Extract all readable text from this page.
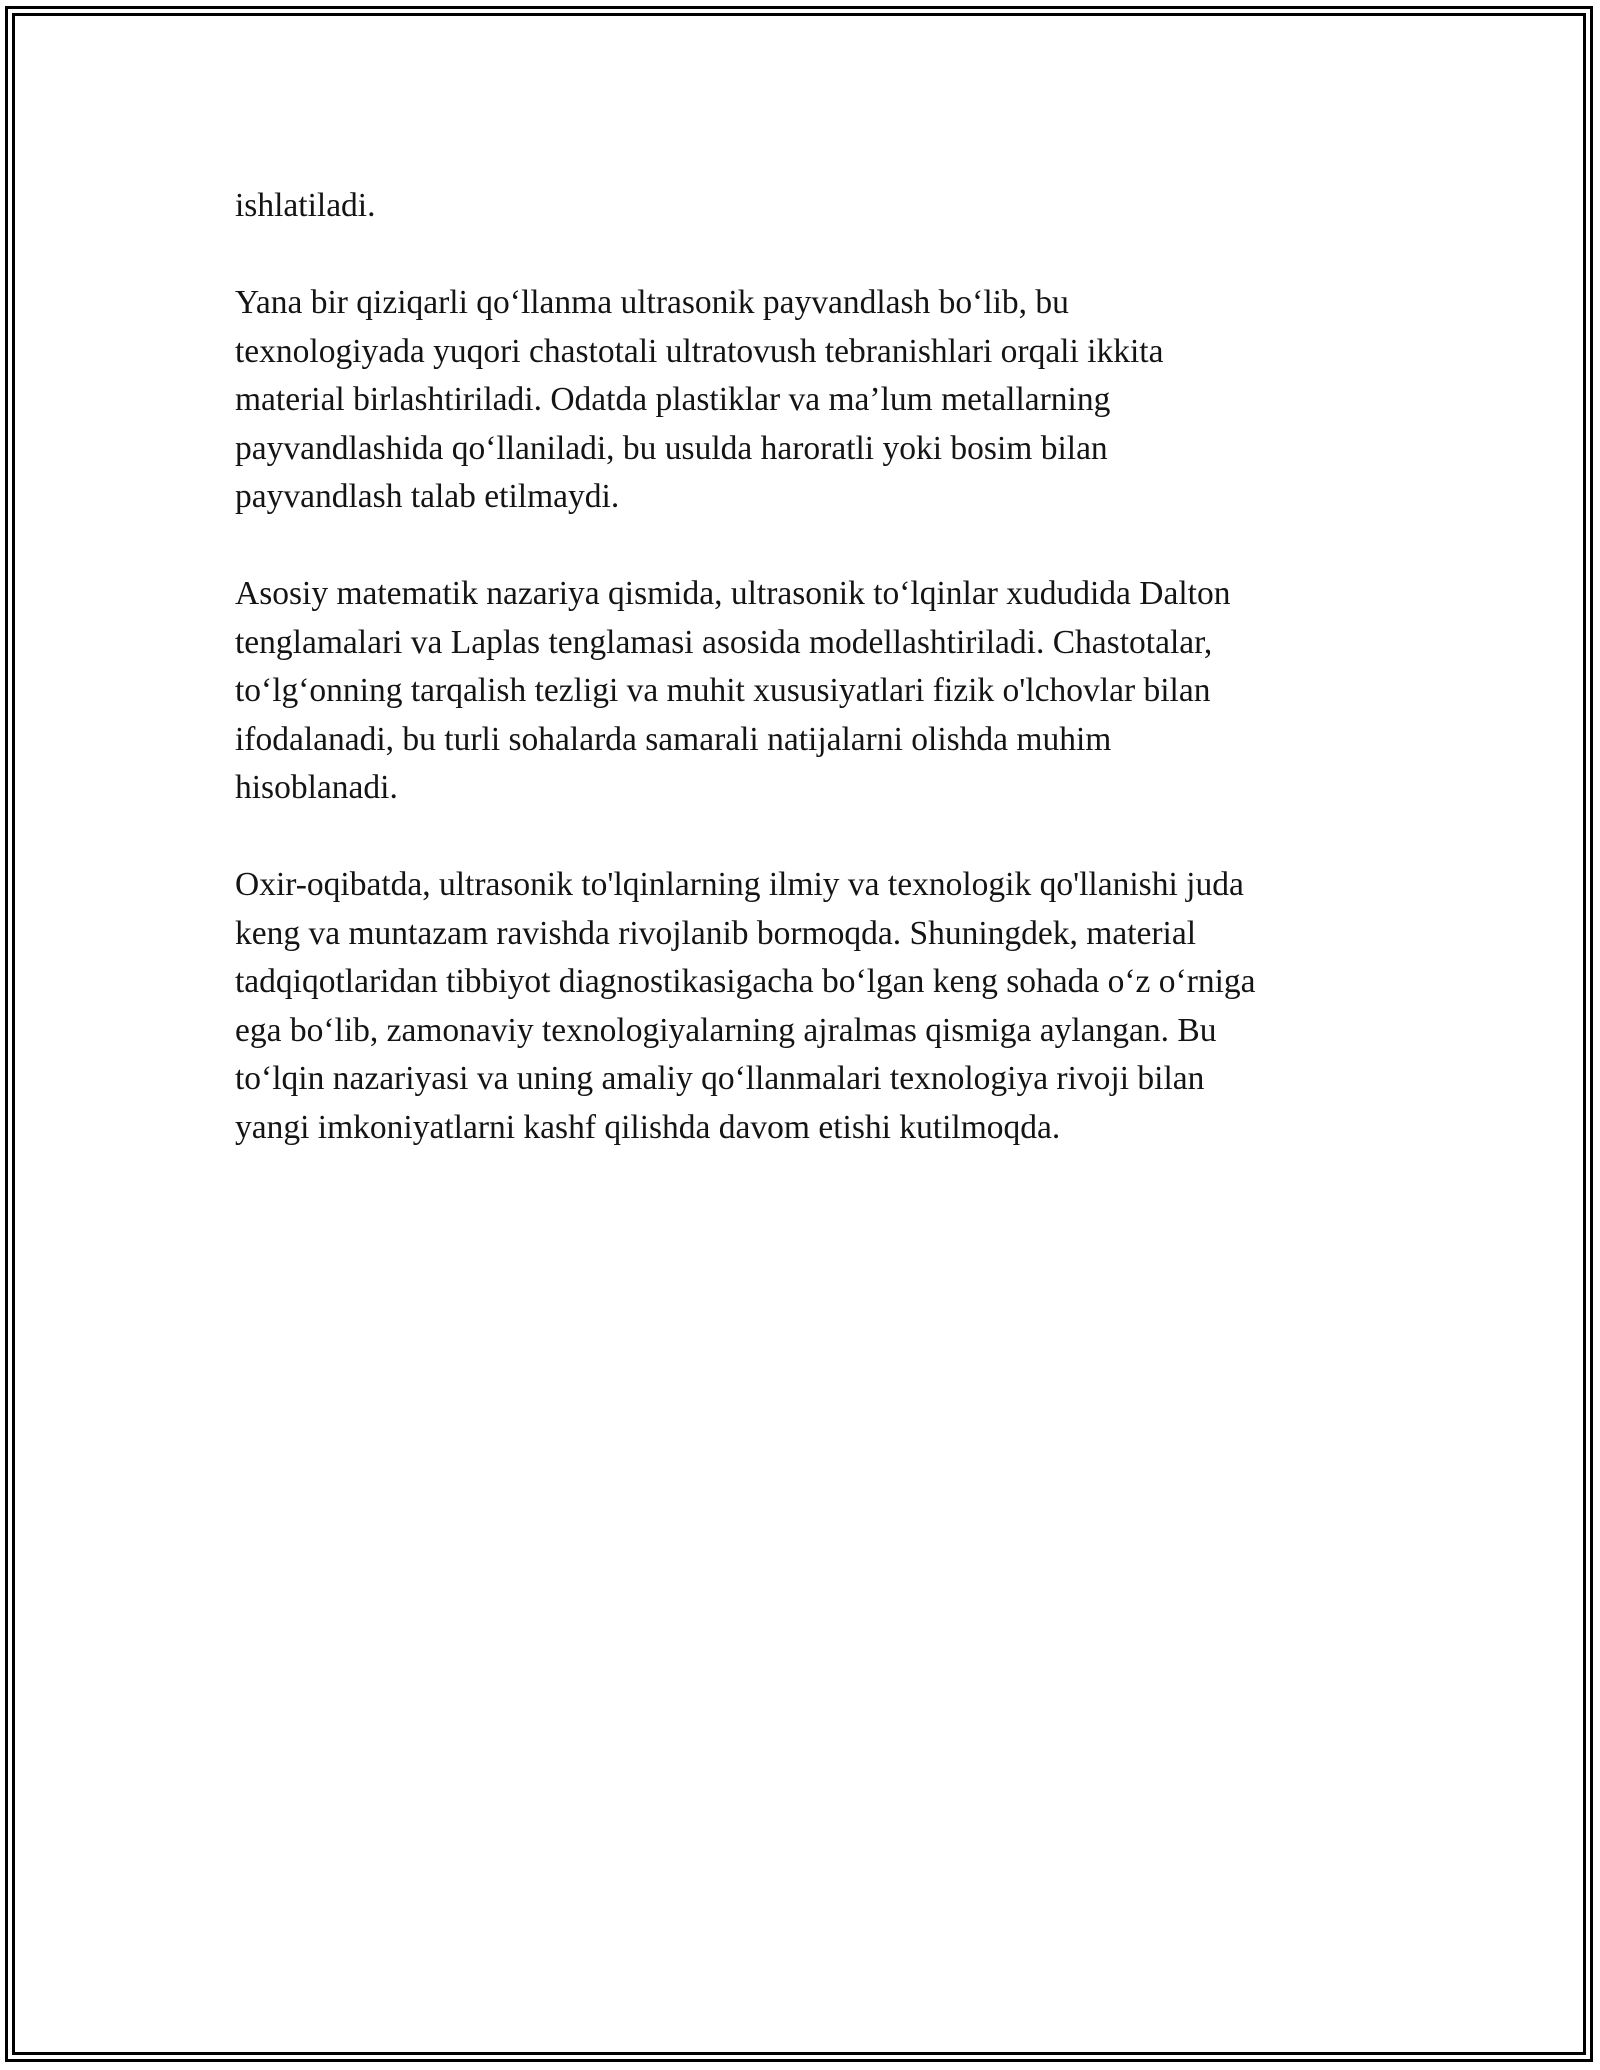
ishlatiladi.

Yana bir qiziqarli qo‘llanma ultrasonik payvandlash bo‘lib, bu
texnologiyada yuqori chastotali ultratovush tebranishlari orqali ikkita
material birlashtiriladi. Odatda plastiklar va ma’lum metallarning
payvandlashida qo‘llaniladi, bu usulda haroratli yoki bosim bilan
payvandlash talab etilmaydi.

Asosiy matematik nazariya qismida, ultrasonik to‘lqinlar xududida Dalton
tenglamalari va Laplas tenglamasi asosida modellashtiriladi. Chastotalar,
to‘lg‘onning tarqalish tezligi va muhit xususiyatlari fizik o'lchovlar bilan
ifodalanadi, bu turli sohalarda samarali natijalarni olishda muhim
hisoblanadi.

Oxir-oqibatda, ultrasonik to'lqinlarning ilmiy va texnologik qo'llanishi juda
keng va muntazam ravishda rivojlanib bormoqda. Shuningdek, material
tadqiqotlaridan tibbiyot diagnostikasigacha bo‘lgan keng sohada o‘z o‘rniga
ega bo‘lib, zamonaviy texnologiyalarning ajralmas qismiga aylangan. Bu
to‘lqin nazariyasi va uning amaliy qo‘llanmalari texnologiya rivoji bilan
yangi imkoniyatlarni kashf qilishda davom etishi kutilmoqda.
